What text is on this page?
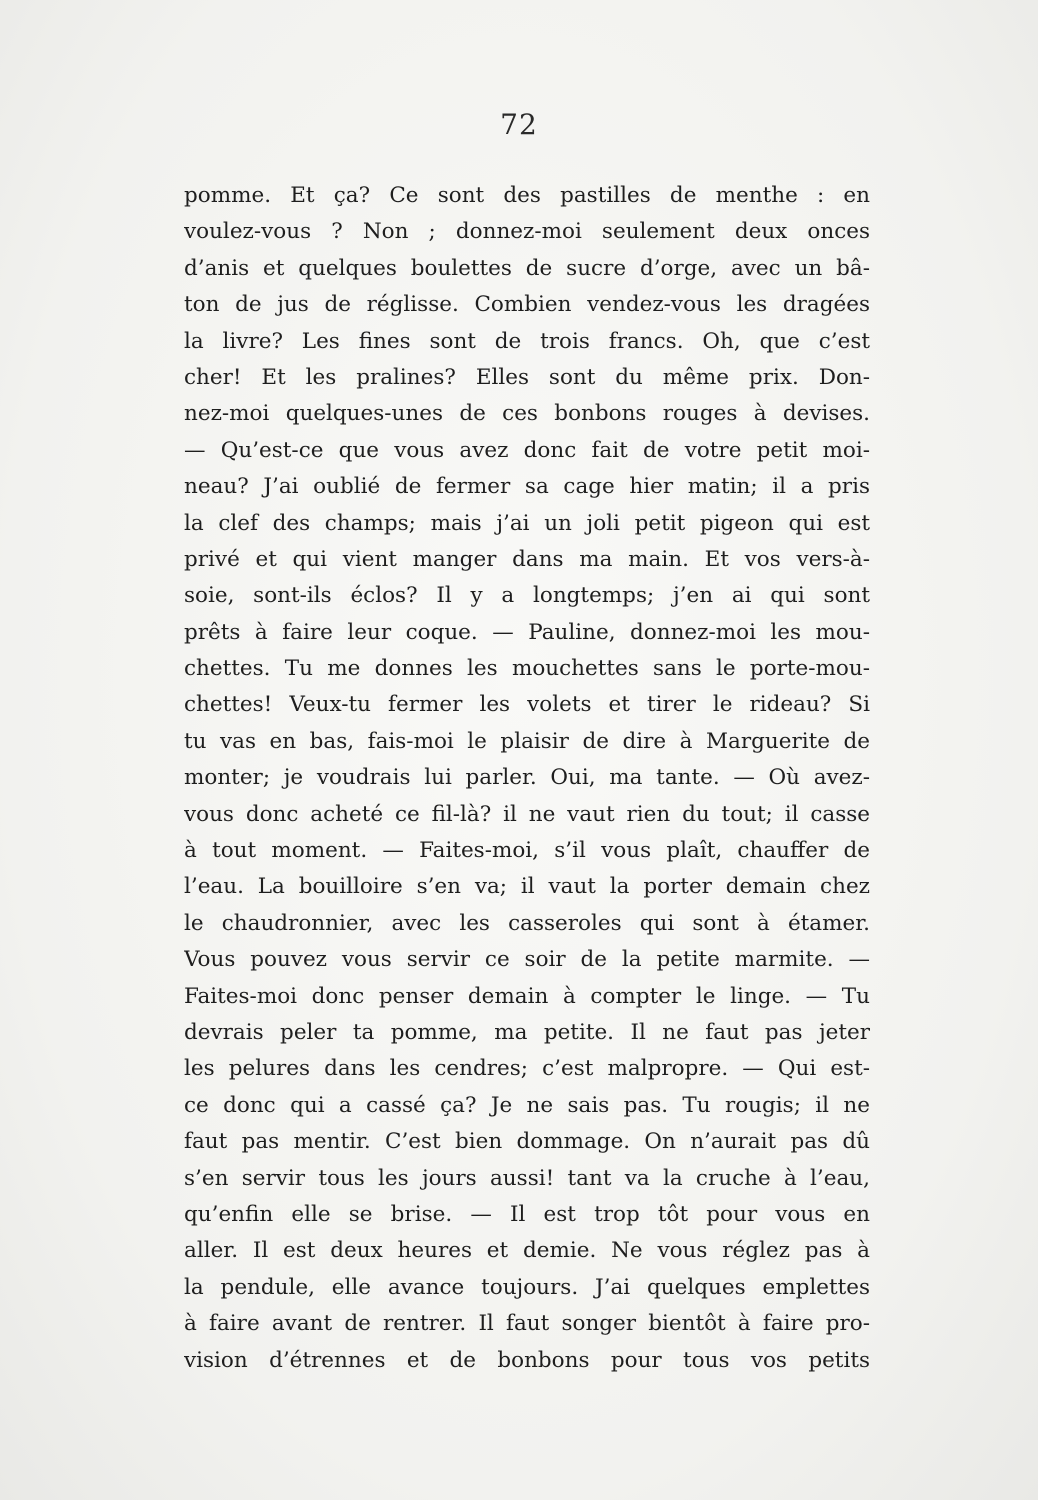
72
pomme. Et ça? Ce sont des pastilles de menthe : en
voulez-vous ? Non ; donnez-moi seulement deux onces
d’anis et quelques boulettes de sucre d’orge, avec un bâ-
ton de jus de réglisse. Combien vendez-vous les dragées
la livre? Les fines sont de trois francs. Oh, que c’est
cher! Et les pralines? Elles sont du même prix. Don-
nez-moi quelques-unes de ces bonbons rouges à devises.
— Qu’est-ce que vous avez donc fait de votre petit moi-
neau? J’ai oublié de fermer sa cage hier matin; il a pris
la clef des champs; mais j’ai un joli petit pigeon qui est
privé et qui vient manger dans ma main. Et vos vers-à-
soie, sont-ils éclos? Il y a longtemps; j’en ai qui sont
prêts à faire leur coque. — Pauline, donnez-moi les mou-
chettes. Tu me donnes les mouchettes sans le porte-mou-
chettes! Veux-tu fermer les volets et tirer le rideau? Si
tu vas en bas, fais-moi le plaisir de dire à Marguerite de
monter; je voudrais lui parler. Oui, ma tante. — Où avez-
vous donc acheté ce fil-là? il ne vaut rien du tout; il casse
à tout moment. — Faites-moi, s’il vous plaît, chauffer de
l’eau. La bouilloire s’en va; il vaut la porter demain chez
le chaudronnier, avec les casseroles qui sont à étamer.
Vous pouvez vous servir ce soir de la petite marmite. —
Faites-moi donc penser demain à compter le linge. — Tu
devrais peler ta pomme, ma petite. Il ne faut pas jeter
les pelures dans les cendres; c’est malpropre. — Qui est-
ce donc qui a cassé ça? Je ne sais pas. Tu rougis; il ne
faut pas mentir. C’est bien dommage. On n’aurait pas dû
s’en servir tous les jours aussi! tant va la cruche à l’eau,
qu’enfin elle se brise. — Il est trop tôt pour vous en
aller. Il est deux heures et demie. Ne vous réglez pas à
la pendule, elle avance toujours. J’ai quelques emplettes
à faire avant de rentrer. Il faut songer bientôt à faire pro-
vision d’étrennes et de bonbons pour tous vos petits
